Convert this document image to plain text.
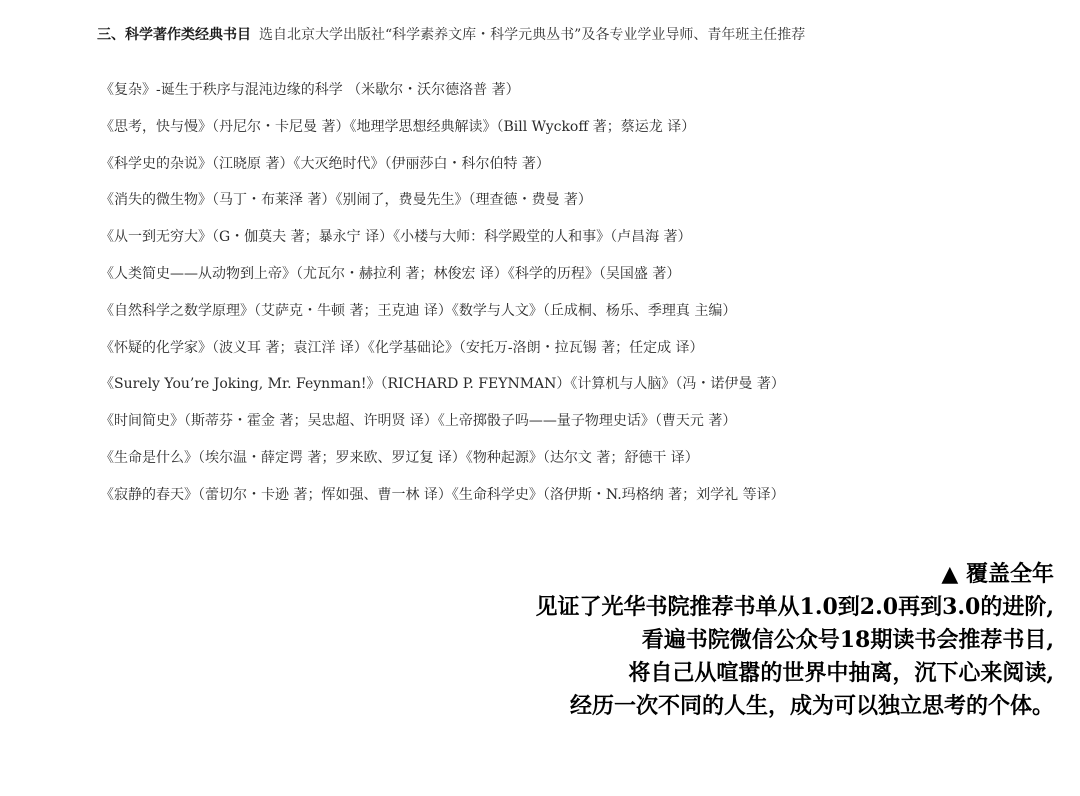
三、科学著作类经典书目 选自北京大学出版社“科学素养文库・科学元典丛书”及各专业学业导师、青年班主任推荐
《复杂》-诞生于秩序与混沌边缘的科学 （米歇尔・沃尔德洛普 著）
《思考，快与慢》（丹尼尔・卡尼曼 著）《地理学思想经典解读》（Bill Wyckoff 著；蔡运龙 译）
《科学史的杂说》（江晓原 著）《大灭绝时代》（伊丽莎白・科尔伯特 著）
《消失的微生物》（马丁・布莱泽 著）《别闹了，费曼先生》（理查德・费曼 著）
《从一到无穷大》（G・伽莫夫 著；暴永宁 译）《小楼与大师：科学殿堂的人和事》（卢昌海 著）
《人类简史——从动物到上帝》（尤瓦尔・赫拉利 著；林俊宏 译）《科学的历程》（吴国盛 著）
《自然科学之数学原理》（艾萨克・牛顿 著；王克迪 译）《数学与人文》（丘成桐、杨乐、季理真 主编）
《怀疑的化学家》（波义耳 著；袁江洋 译）《化学基础论》（安托万-洛朗・拉瓦锡 著；任定成 译）
《Surely You’re Joking, Mr. Feynman!》（RICHARD P. FEYNMAN）《计算机与人脑》（冯・诺伊曼 著）
《时间简史》（斯蒂芬・霍金 著；吴忠超、许明贤 译）《上帝掷骰子吗——量子物理史话》（曹天元 著）
《生命是什么》（埃尔温・薛定谔 著；罗来欧、罗辽复 译）《物种起源》（达尔文 著；舒德干 译）
《寂静的春天》（蕾切尔・卡逊 著；恽如强、曹一林 译）《生命科学史》（洛伊斯・N.玛格纳 著；刘学礼 等译）

▲ 覆盖全年

见证了光华书院推荐书单从1.0到2.0再到3.0的进阶,

看遍书院微信公众号18期读书会推荐书目,

将自己从喧嚣的世界中抽离，沉下心来阅读,

经历一次不同的人生，成为可以独立思考的个体。
